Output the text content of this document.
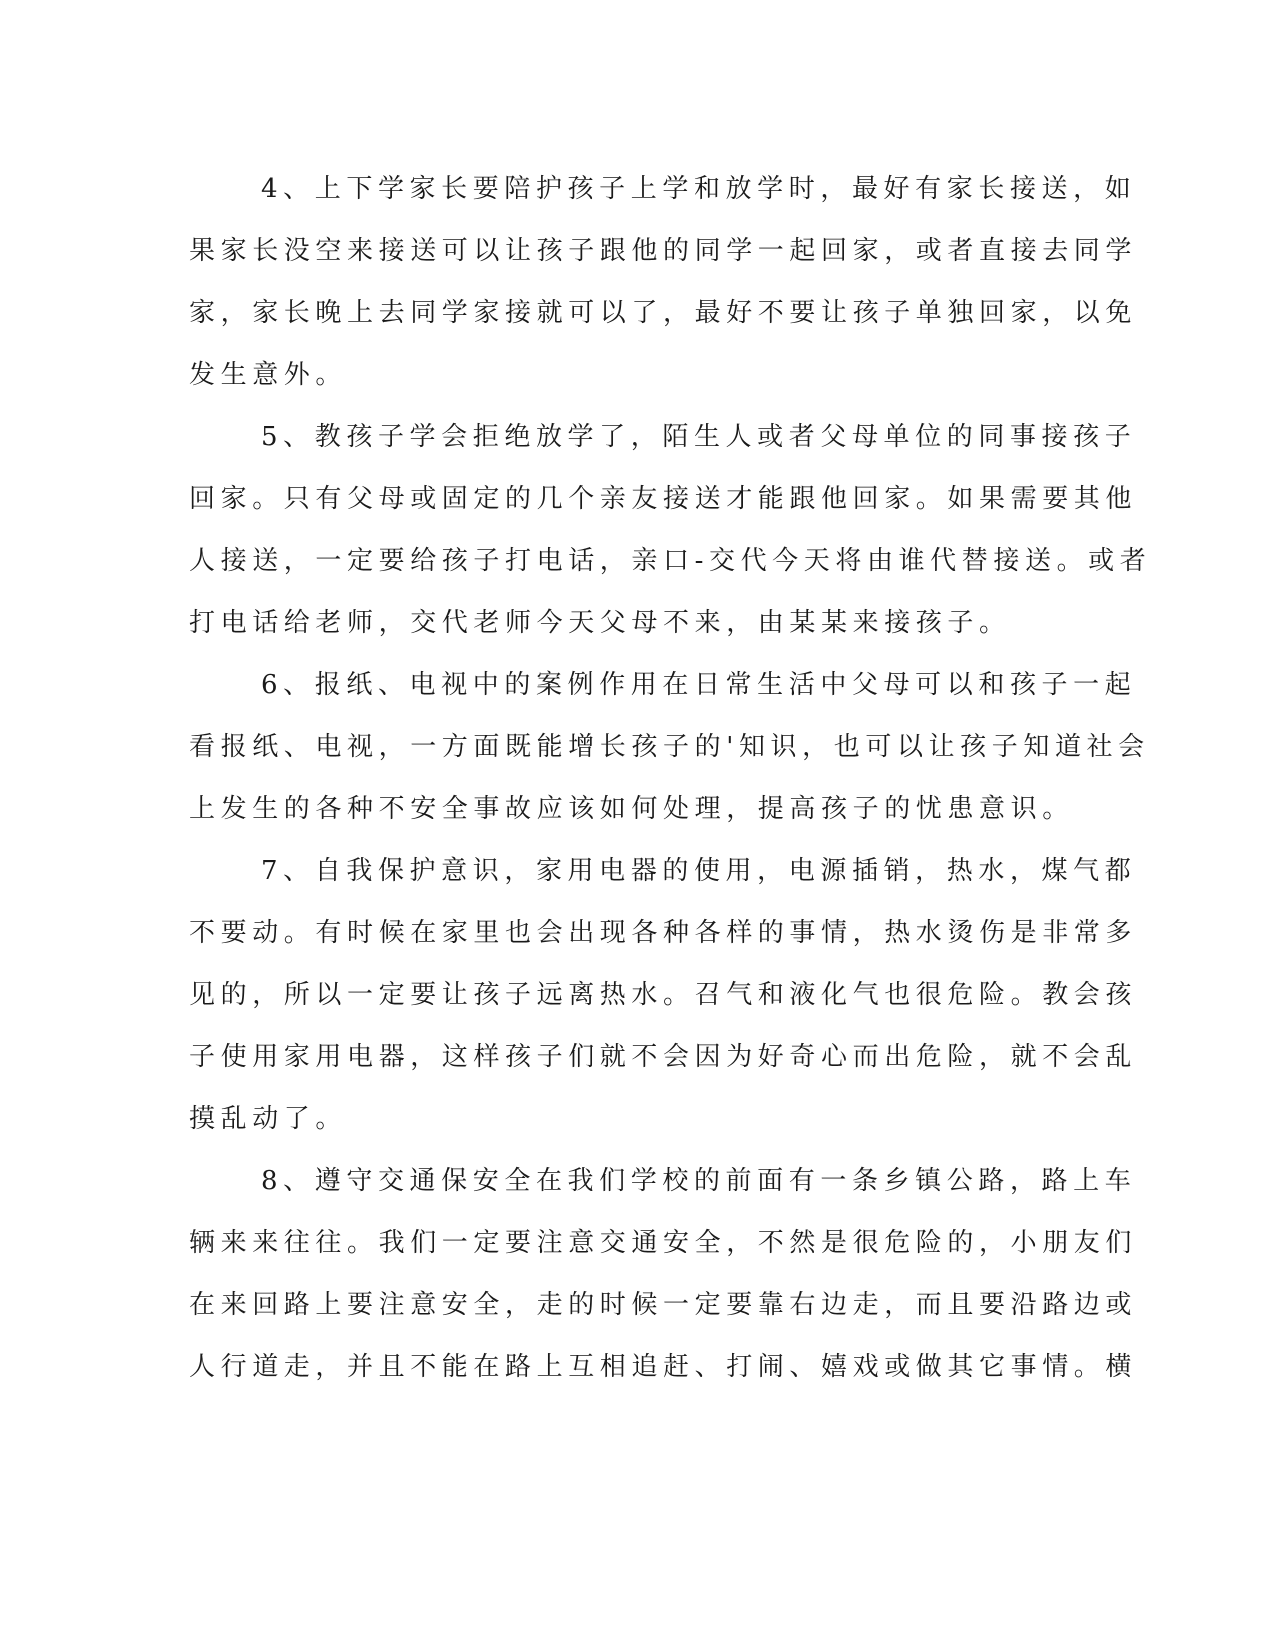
4、上下学家长要陪护孩子上学和放学时，最好有家长接送，如
果家长没空来接送可以让孩子跟他的同学一起回家，或者直接去同学
家，家长晚上去同学家接就可以了，最好不要让孩子单独回家，以免
发生意外。

5、教孩子学会拒绝放学了，陌生人或者父母单位的同事接孩子
回家。只有父母或固定的几个亲友接送才能跟他回家。如果需要其他
人接送，一定要给孩子打电话，亲口-交代今天将由谁代替接送。或者
打电话给老师，交代老师今天父母不来，由某某来接孩子。

6、报纸、电视中的案例作用在日常生活中父母可以和孩子一起
看报纸、电视，一方面既能增长孩子的'知识，也可以让孩子知道社会
上发生的各种不安全事故应该如何处理，提高孩子的忧患意识。

7、自我保护意识，家用电器的使用，电源插销，热水，煤气都
不要动。有时候在家里也会出现各种各样的事情，热水烫伤是非常多
见的，所以一定要让孩子远离热水。召气和液化气也很危险。教会孩
子使用家用电器，这样孩子们就不会因为好奇心而出危险，就不会乱
摸乱动了。

8、遵守交通保安全在我们学校的前面有一条乡镇公路，路上车
辆来来往往。我们一定要注意交通安全，不然是很危险的，小朋友们
在来回路上要注意安全，走的时候一定要靠右边走，而且要沿路边或
人行道走，并且不能在路上互相追赶、打闹、嬉戏或做其它事情。横
